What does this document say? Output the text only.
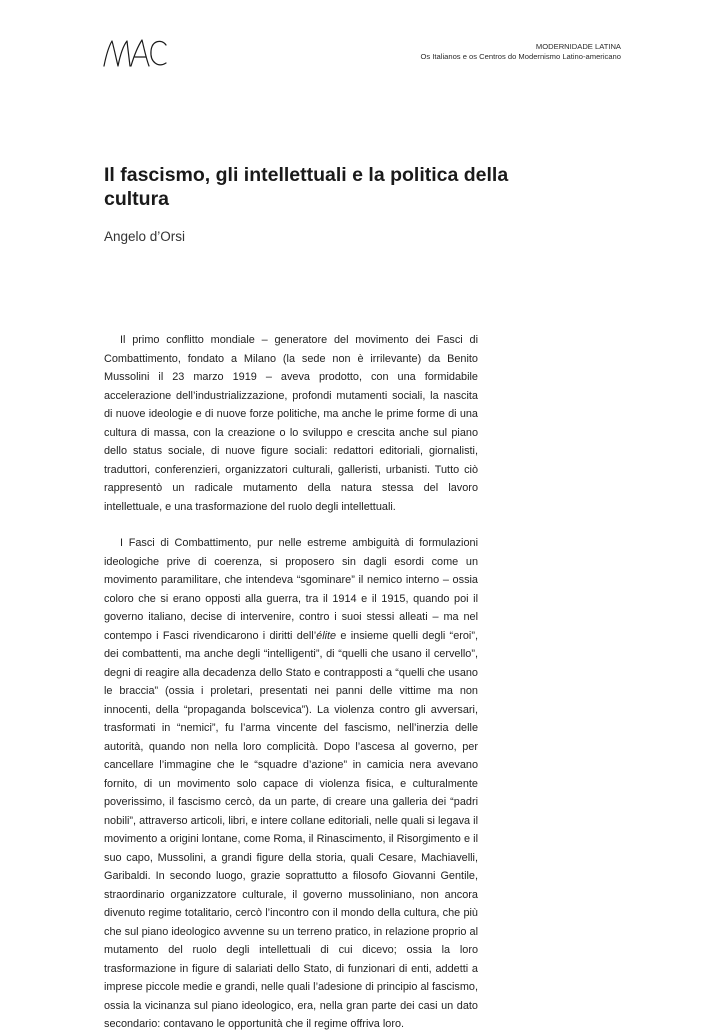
MODERNIDADE LATINA
Os Italianos e os Centros do Modernismo Latino-americano
Il fascismo, gli intellettuali e la politica della cultura

Angelo d’Orsi

Il primo conflitto mondiale – generatore del movimento dei Fasci di Combattimento, fondato a Milano (la sede non è irrilevante) da Benito Mussolini il 23 marzo 1919 – aveva prodotto, con una formidabile accelerazione dell’industrializzazione, profondi mutamenti sociali, la nascita di nuove ideologie e di nuove forze politiche, ma anche le prime forme di una cultura di massa, con la creazione o lo sviluppo e crescita anche sul piano dello status sociale, di nuove figure sociali: redattori editoriali, giornalisti, traduttori, conferenzieri, organizzatori culturali, galleristi, urbanisti. Tutto ciò rappresentò un radicale mutamento della natura stessa del lavoro intellettuale, e una trasformazione del ruolo degli intellettuali.

I Fasci di Combattimento, pur nelle estreme ambiguità di formulazioni ideologiche prive di coerenza, si proposero sin dagli esordi come un movimento paramilitare, che intendeva “sgominare” il nemico interno – ossia coloro che si erano opposti alla guerra, tra il 1914 e il 1915, quando poi il governo italiano, decise di intervenire, contro i suoi stessi alleati – ma nel contempo i Fasci rivendicarono i diritti dell’élite e insieme quelli degli “eroi”, dei combattenti, ma anche degli “intelligenti”, di “quelli che usano il cervello”, degni di reagire alla decadenza dello Stato e contrapposti a “quelli che usano le braccia” (ossia i proletari, presentati nei panni delle vittime ma non innocenti, della “propaganda bolscevica”). La violenza contro gli avversari, trasformati in “nemici”, fu l’arma vincente del fascismo, nell’inerzia delle autorità, quando non nella loro complicità. Dopo l’ascesa al governo, per cancellare l’immagine che le “squadre d’azione” in camicia nera avevano fornito, di un movimento solo capace di violenza fisica, e culturalmente poverissimo, il fascismo cercò, da un parte, di creare una galleria dei “padri nobili”, attraverso articoli, libri, e intere collane editoriali, nelle quali si legava il movimento a origini lontane, come Roma, il Rinascimento, il Risorgimento e il suo capo, Mussolini, a grandi figure della storia, quali Cesare, Machiavelli, Garibaldi. In secondo luogo, grazie soprattutto a filosofo Giovanni Gentile, straordinario organizzatore culturale, il governo mussoliniano, non ancora divenuto regime totalitario, cercò l’incontro con il mondo della cultura, che più che sul piano ideologico avvenne su un terreno pratico, in relazione proprio al mutamento del ruolo degli intellettuali di cui dicevo; ossia la loro trasformazione in figure di salariati dello Stato, di funzionari di enti, addetti a imprese piccole medie e grandi, nelle quali l’adesione di principio al fascismo, ossia la vicinanza sul piano ideologico, era, nella gran parte dei casi un dato secondario: contavano le opportunità che il regime offriva loro.
